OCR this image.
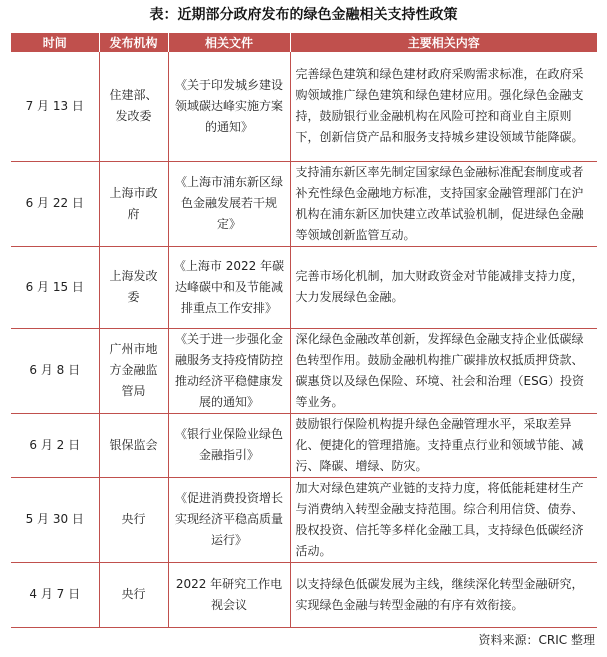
表：近期部分政府发布的绿色金融相关支持性政策
时间	发布机构	相关文件	主要相关内容
7 月 13 日	住建部、发改委	《关于印发城乡建设领域碳达峰实施方案的通知》	完善绿色建筑和绿色建材政府采购需求标准，在政府采购领域推广绿色建筑和绿色建材应用。强化绿色金融支持，鼓励银行业金融机构在风险可控和商业自主原则下，创新信贷产品和服务支持城乡建设领域节能降碳。
6 月 22 日	上海市政府	《上海市浦东新区绿色金融发展若干规定》	支持浦东新区率先制定国家绿色金融标准配套制度或者补充性绿色金融地方标准，支持国家金融管理部门在沪机构在浦东新区加快建立改革试验机制，促进绿色金融等领域创新监管互动。
6 月 15 日	上海发改委	《上海市 2022 年碳达峰碳中和及节能减排重点工作安排》	完善市场化机制，加大财政资金对节能减排支持力度，大力发展绿色金融。
6 月 8 日	广州市地方金融监管局	《关于进一步强化金融服务支持疫情防控推动经济平稳健康发展的通知》	深化绿色金融改革创新，发挥绿色金融支持企业低碳绿色转型作用。鼓励金融机构推广碳排放权抵质押贷款、碳惠贷以及绿色保险、环境、社会和治理（ESG）投资等业务。
6 月 2 日	银保监会	《银行业保险业绿色金融指引》	鼓励银行保险机构提升绿色金融管理水平，采取差异化、便捷化的管理措施。支持重点行业和领域节能、减污、降碳、增绿、防灾。
5 月 30 日	央行	《促进消费投资增长 实现经济平稳高质量运行》	加大对绿色建筑产业链的支持力度，将低能耗建材生产与消费纳入转型金融支持范围。综合利用信贷、债券、股权投资、信托等多样化金融工具，支持绿色低碳经济活动。
4 月 7 日	央行	2022 年研究工作电视会议	以支持绿色低碳发展为主线，继续深化转型金融研究，实现绿色金融与转型金融的有序有效衔接。
资料来源：CRIC 整理
